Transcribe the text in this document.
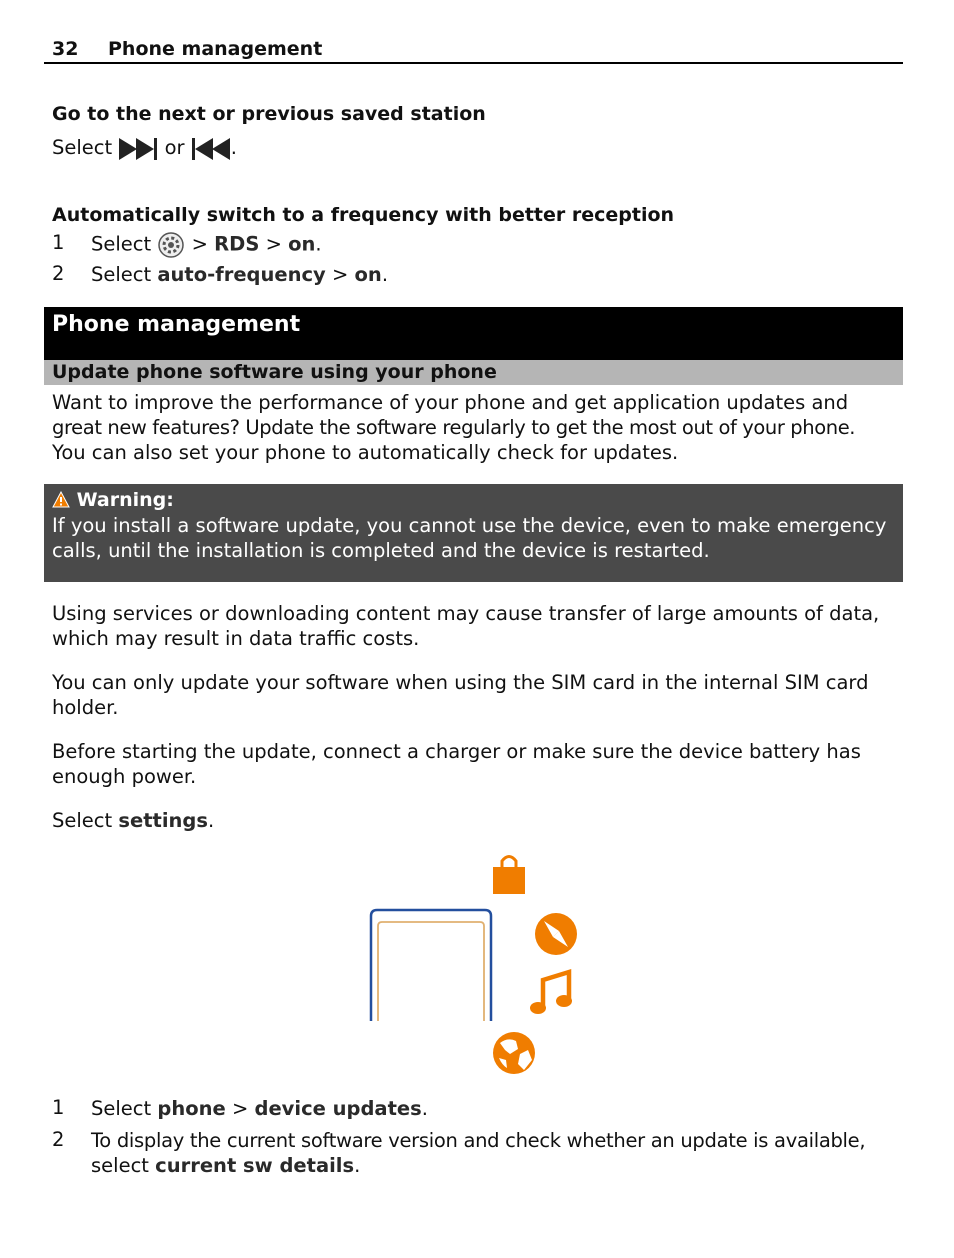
32 Phone management
Go to the next or previous saved station
Select	or .
Automatically switch to a frequency with better reception
1 Select > RDS > on.
2 Select auto-frequency > on.
Phone management
Update phone software using your phone
Want to improve the performance of your phone and get application updates and
great new features? Update the software regularly to get the most out of your phone.
You can also set your phone to automatically check for updates.
Warning:
If you install a software update, you cannot use the device, even to make emergency
calls, until the installation is completed and the device is restarted.
Using services or downloading content may cause transfer of large amounts of data,
which may result in data traffic costs.
You can only update your software when using the SIM card in the internal SIM card
holder.
Before starting the update, connect a charger or make sure the device battery has
enough power.
Select settings.
1 Select phone > device updates.
2 To display the current software version and check whether an update is available,
select current sw details.
